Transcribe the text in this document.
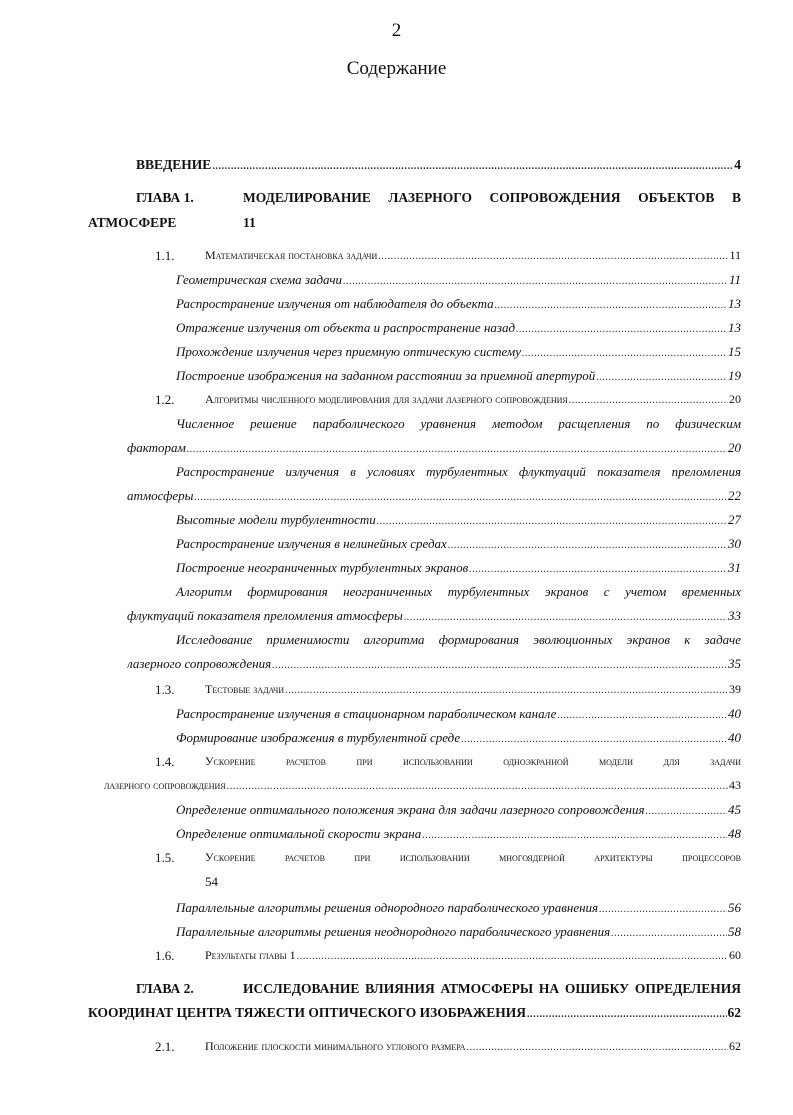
2
Содержание
ВВЕДЕНИЕ .....	4
ГЛАВА 1.	МОДЕЛИРОВАНИЕ ЛАЗЕРНОГО СОПРОВОЖДЕНИЯ ОБЪЕКТОВ В
АТМОСФЕРЕ	11
1.1.	Математическая постановка задачи .....	11
Геометрическая схема задачи .....	11
Распространение излучения от наблюдателя до объекта .....	13
Отражение излучения от объекта и распространение назад .....	13
Прохождение излучения через приемную оптическую систему .....	15
Построение изображения на заданном расстоянии за приемной апертурой .....	19
1.2.	Алгоритмы численного моделирования для задачи лазерного сопровождения .....	20
Численное решение параболического уравнения методом расщепления по физическим
факторам .....	20
Распространение излучения в условиях турбулентных флуктуаций показателя преломления
атмосферы .....	22
Высотные модели турбулентности .....	27
Распространение излучения в нелинейных средах .....	30
Построение неограниченных турбулентных экранов .....	31
Алгоритм формирования неограниченных турбулентных экранов с учетом временных
флуктуаций показателя преломления атмосферы .....	33
Исследование применимости алгоритма формирования эволюционных экранов к задаче
лазерного сопровождения .....	35
1.3.	Тестовые задачи .....	39
Распространение излучения в стационарном параболическом канале .....	40
Формирование изображения в турбулентной среде .....	40
1.4.	Ускорение расчетов при использовании одноэкранной модели для задачи
лазерного сопровождения .....	43
Определение оптимального положения экрана для задачи лазерного сопровождения .....	45
Определение оптимальной скорости экрана .....	48
1.5.	Ускорение расчетов при использовании многоядерной архитектуры процессоров
54
Параллельные алгоритмы решения однородного параболического уравнения .....	56
Параллельные алгоритмы решения неоднородного параболического уравнения .....	58
1.6.	Результаты главы 1 .....	60
ГЛАВА 2.	ИССЛЕДОВАНИЕ ВЛИЯНИЯ АТМОСФЕРЫ НА ОШИБКУ ОПРЕДЕЛЕНИЯ
КООРДИНАТ ЦЕНТРА ТЯЖЕСТИ ОПТИЧЕСКОГО ИЗОБРАЖЕНИЯ .....	62
2.1.	Положение плоскости минимального углового размера .....	62
